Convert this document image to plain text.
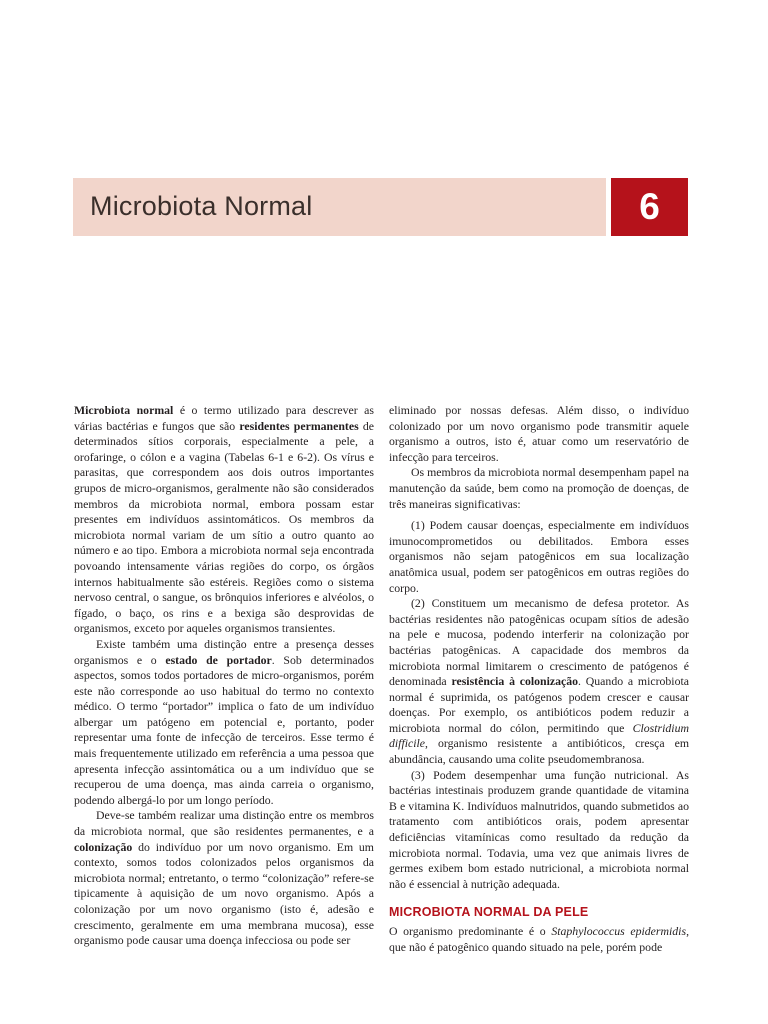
Microbiota Normal	6

Microbiota normal é o termo utilizado para descrever as várias bactérias e fungos que são residentes permanentes de determinados sítios corporais, especialmente a pele, a orofaringe, o cólon e a vagina (Tabelas 6-1 e 6-2). Os vírus e parasitas, que correspondem aos dois outros importantes grupos de micro-organismos, geralmente não são considerados membros da microbiota normal, embora possam estar presentes em indivíduos assintomáticos. Os membros da microbiota normal variam de um sítio a outro quanto ao número e ao tipo. Embora a microbiota normal seja encontrada povoando intensamente várias regiões do corpo, os órgãos internos habitualmente são estéreis. Regiões como o sistema nervoso central, o sangue, os brônquios inferiores e alvéolos, o fígado, o baço, os rins e a bexiga são desprovidas de organismos, exceto por aqueles organismos transientes.

Existe também uma distinção entre a presença desses organismos e o estado de portador. Sob determinados aspectos, somos todos portadores de micro-organismos, porém este não corresponde ao uso habitual do termo no contexto médico. O termo “portador” implica o fato de um indivíduo albergar um patógeno em potencial e, portanto, poder representar uma fonte de infecção de terceiros. Esse termo é mais frequentemente utilizado em referência a uma pessoa que apresenta infecção assintomática ou a um indivíduo que se recuperou de uma doença, mas ainda carreia o organismo, podendo albergá-lo por um longo período.

Deve-se também realizar uma distinção entre os membros da microbiota normal, que são residentes permanentes, e a colonização do indivíduo por um novo organismo. Em um contexto, somos todos colonizados pelos organismos da microbiota normal; entretanto, o termo “colonização” refere-se tipicamente à aquisição de um novo organismo. Após a colonização por um novo organismo (isto é, adesão e crescimento, geralmente em uma membrana mucosa), esse organismo pode causar uma doença infecciosa ou pode ser

eliminado por nossas defesas. Além disso, o indivíduo colonizado por um novo organismo pode transmitir aquele organismo a outros, isto é, atuar como um reservatório de infecção para terceiros.

Os membros da microbiota normal desempenham papel na manutenção da saúde, bem como na promoção de doenças, de três maneiras significativas:

(1) Podem causar doenças, especialmente em indivíduos imunocomprometidos ou debilitados. Embora esses organismos não sejam patogênicos em sua localização anatômica usual, podem ser patogênicos em outras regiões do corpo.

(2) Constituem um mecanismo de defesa protetor. As bactérias residentes não patogênicas ocupam sítios de adesão na pele e mucosa, podendo interferir na colonização por bactérias patogênicas. A capacidade dos membros da microbiota normal limitarem o crescimento de patógenos é denominada resistência à colonização. Quando a microbiota normal é suprimida, os patógenos podem crescer e causar doenças. Por exemplo, os antibióticos podem reduzir a microbiota normal do cólon, permitindo que Clostridium difficile, organismo resistente a antibióticos, cresça em abundância, causando uma colite pseudomembranosa.

(3) Podem desempenhar uma função nutricional. As bactérias intestinais produzem grande quantidade de vitamina B e vitamina K. Indivíduos malnutridos, quando submetidos ao tratamento com antibióticos orais, podem apresentar deficiências vitamínicas como resultado da redução da microbiota normal. Todavia, uma vez que animais livres de germes exibem bom estado nutricional, a microbiota normal não é essencial à nutrição adequada.

MICROBIOTA NORMAL DA PELE

O organismo predominante é o Staphylococcus epidermidis, que não é patogênico quando situado na pele, porém pode
